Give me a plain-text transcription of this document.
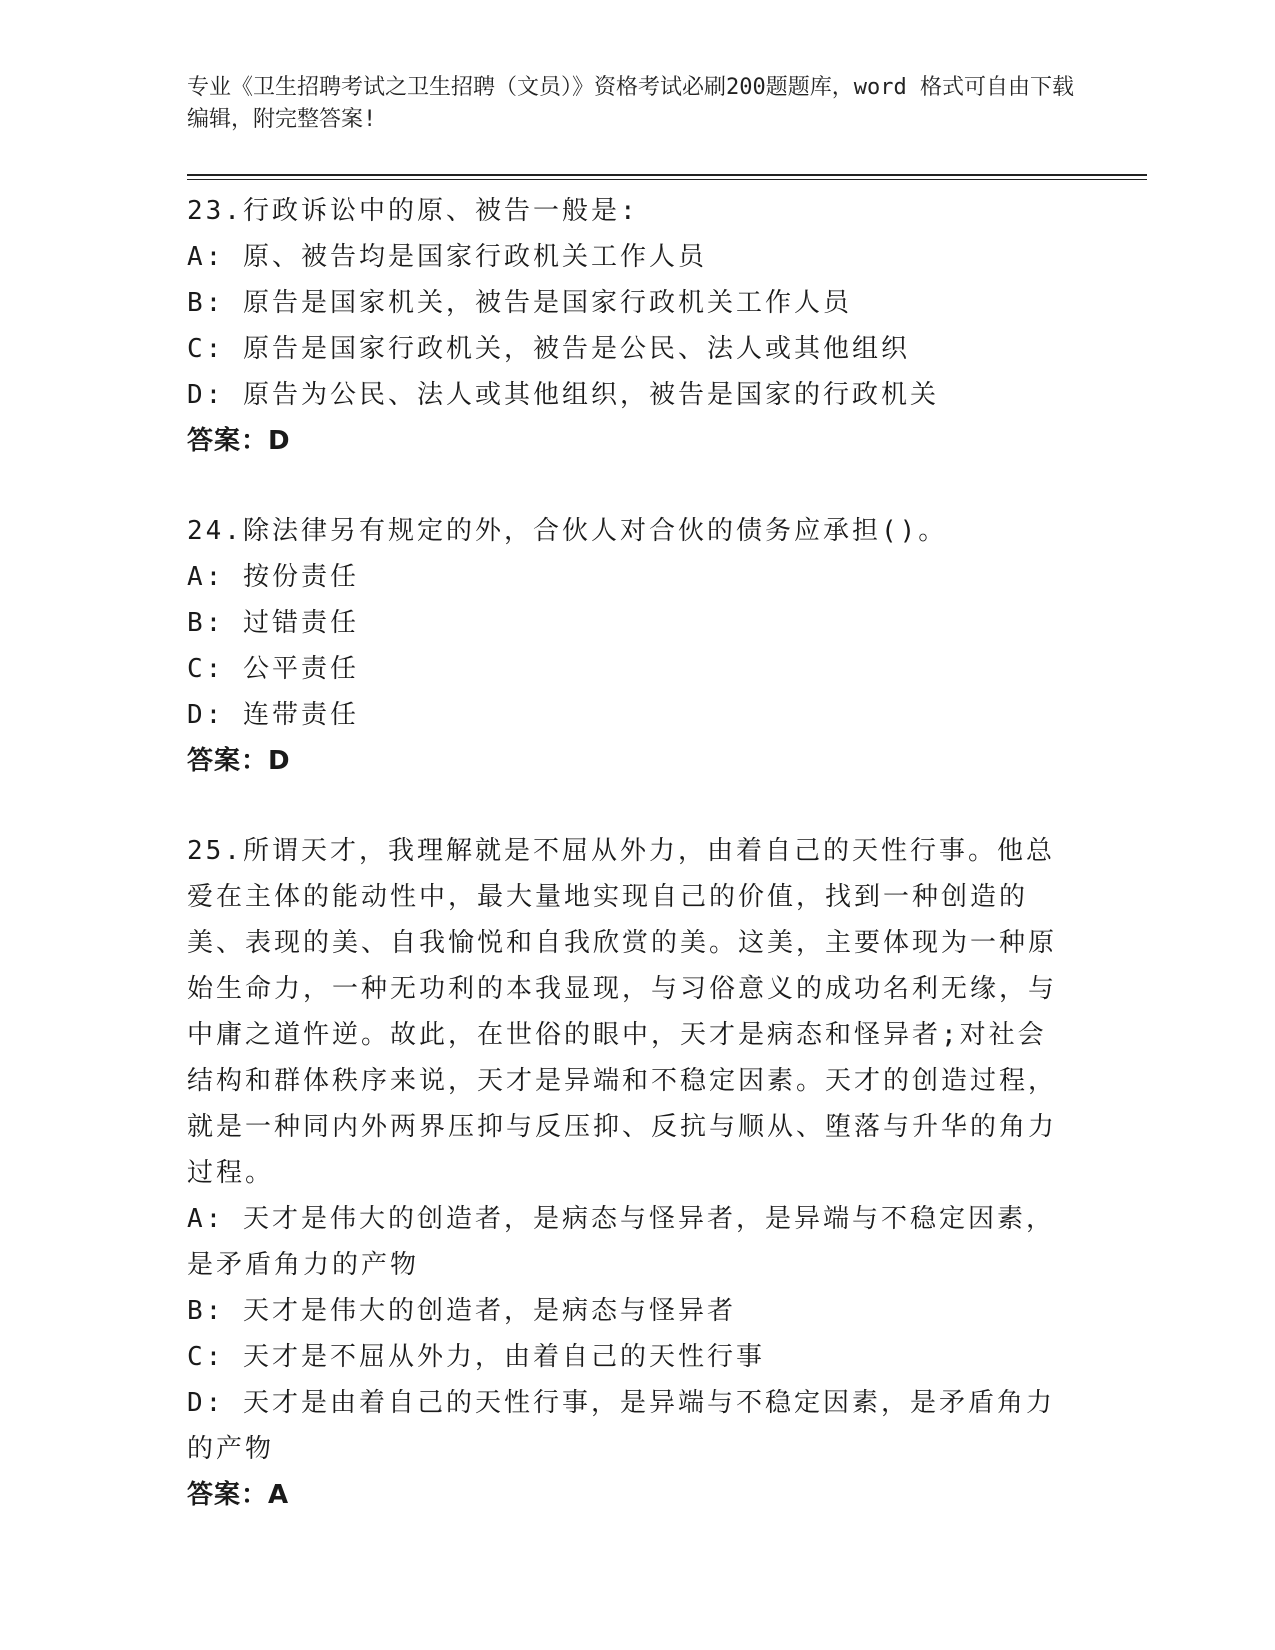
专业《卫生招聘考试之卫生招聘（文员）》资格考试必刷200题题库，word 格式可自由下载编辑，附完整答案!
23.行政诉讼中的原、被告一般是:
A: 原、被告均是国家行政机关工作人员
B: 原告是国家机关，被告是国家行政机关工作人员
C: 原告是国家行政机关，被告是公民、法人或其他组织
D: 原告为公民、法人或其他组织，被告是国家的行政机关
答案：D
24.除法律另有规定的外，合伙人对合伙的债务应承担()。
A: 按份责任
B: 过错责任
C: 公平责任
D: 连带责任
答案：D
25.所谓天才，我理解就是不屈从外力，由着自己的天性行事。他总爱在主体的能动性中，最大量地实现自己的价值，找到一种创造的美、表现的美、自我愉悦和自我欣赏的美。这美，主要体现为一种原始生命力，一种无功利的本我显现，与习俗意义的成功名利无缘，与中庸之道忤逆。故此，在世俗的眼中，天才是病态和怪异者;对社会结构和群体秩序来说，天才是异端和不稳定因素。天才的创造过程，就是一种同内外两界压抑与反压抑、反抗与顺从、堕落与升华的角力过程。
A: 天才是伟大的创造者，是病态与怪异者，是异端与不稳定因素，是矛盾角力的产物
B: 天才是伟大的创造者，是病态与怪异者
C: 天才是不屈从外力，由着自己的天性行事
D: 天才是由着自己的天性行事，是异端与不稳定因素，是矛盾角力的产物
答案：A
